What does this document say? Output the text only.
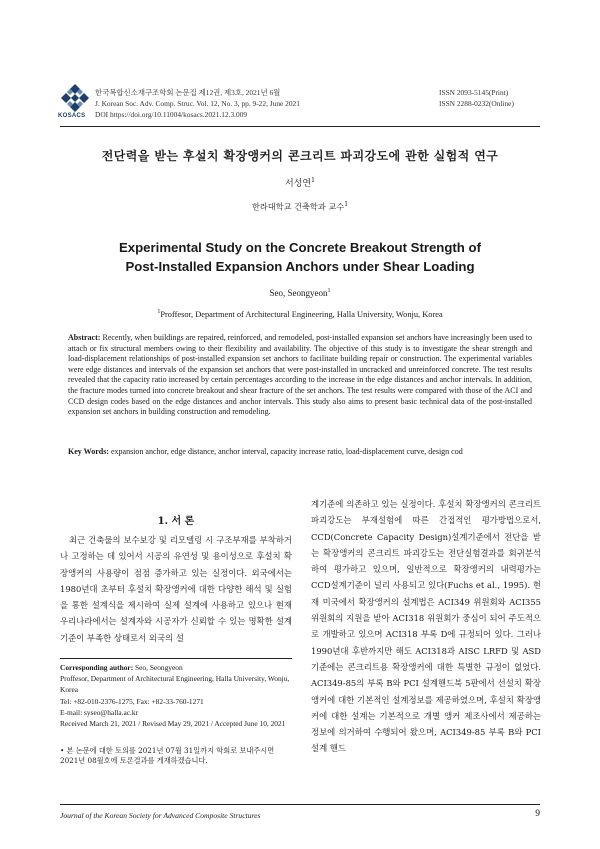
KOSACS
한국복합신소재구조학회 논문집 제12권, 제3호, 2021년 6월
J. Korean Soc. Adv. Comp. Struc. Vol. 12, No. 3, pp. 9-22, June 2021
DOI https://doi.org/10.11004/kosacs.2021.12.3.009
ISSN 2093-5145(Print)
ISSN 2288-0232(Online)
전단력을 받는 후설치 확장앵커의 콘크리트 파괴강도에 관한 실험적 연구
서성연$^1$
한라대학교 건축학과 교수$^1$
Experimental Study on the Concrete Breakout Strength of
Post-Installed Expansion Anchors under Shear Loading
Seo, Seongyeon$^1$
$^1$Proffesor, Department of Architectural Engineering, Halla University, Wonju, Korea
Abstract: Recently, when buildings are repaired, reinforced, and remodeled, post-installed expansion set anchors have increasingly been used to attach or fix structural members owing to their flexibility and availability. The objective of this study is to investigate the shear strength and load-displacement relationships of post-installed expansion set anchors to facilitate building repair or construction. The experimental variables were edge distances and intervals of the expansion set anchors that were post-installed in uncracked and unreinforced concrete. The test results revealed that the capacity ratio increased by certain percentages according to the increase in the edge distances and anchor intervals. In addition, the fracture modes turned into concrete breakout and shear fracture of the set anchors. The test results were compared with those of the ACI and CCD design codes based on the edge distances and anchor intervals. This study also aims to present basic technical data of the post-installed expansion set anchors in building construction and remodeling.
Key Words: expansion anchor, edge distance, anchor interval, capacity increase ratio, load-displacement curve, design cod
1. 서 론

최근 건축물의 보수보강 및 리모델링 시 구조부재를 부착하거나 고정하는 데 있어서 시공의 유연성 및 용이성으로 후설치 확장앵커의 사용량이 점점 증가하고 있는 실정이다. 외국에서는 1980년대 초부터 후설치 확장앵커에 대한 다양한 해석 및 실험을 통한 설계식을 제시하여 실제 설계에 사용하고 있으나 현재 우리나라에서는 설계자와 시공자가 신뢰할 수 있는 명확한 설계기준이 부족한 상태로서 외국의 설

Corresponding author: Seo, Seongyeon
Proffesor, Department of Architectural Engineering, Halla University, Wonju, Korea
Tel: +82-010-2376-1275, Fax: +82-33-760-1271
E-mail: syseo@halla.ac.kr
Received March 21, 2021 / Revised May 29, 2021 / Accepted June 10, 2021
• 본 논문에 대한 토의를 2021년 07월 31일까지 학회로 보내주시면 2021년 08월호에 토론결과를 게재하겠습니다.

계기준에 의존하고 있는 실정이다. 후설치 확장앵커의 콘크리트 파괴강도는 부재설험에 따른 간접적인 평가방법으로서, CCD(Concrete Capacity Design)설계기준에서 전단을 받는 확장앵커의 콘크리트 파괴강도는 전단실험결과를 회귀분석하여 평가하고 있으며, 일반적으로 확장앵커의 내력평가는 CCD설계기준이 널리 사용되고 있다(Fuchs et al., 1995). 현재 미국에서 확장앵커의 설계법은 ACI349 위원회와 ACI355 위원회의 지원을 받아 ACI318 위원회가 중심이 되어 주도적으로 개발하고 있으며 ACI318 부록 D에 규정되어 있다. 그러나 1990년대 후반까지만 해도 ACI318과 AISC LRFD 및 ASD기준에는 콘크리트용 확장앵커에 대한 특별한 규정이 없었다. ACI349-85의 부록 B와 PCI 설계핸드북 5판에서 선설치 확장앵커에 대한 기본적인 설계정보를 제공하였으며, 후설치 확장앵커에 대한 설계는 기본적으로 개별 앵커 제조사에서 제공하는 정보에 의거하여 수행되어 왔으며, ACI349-85 부록 B와 PCI 설계 핸드

Journal of the Korean Society for Advanced Composite Structures	9
